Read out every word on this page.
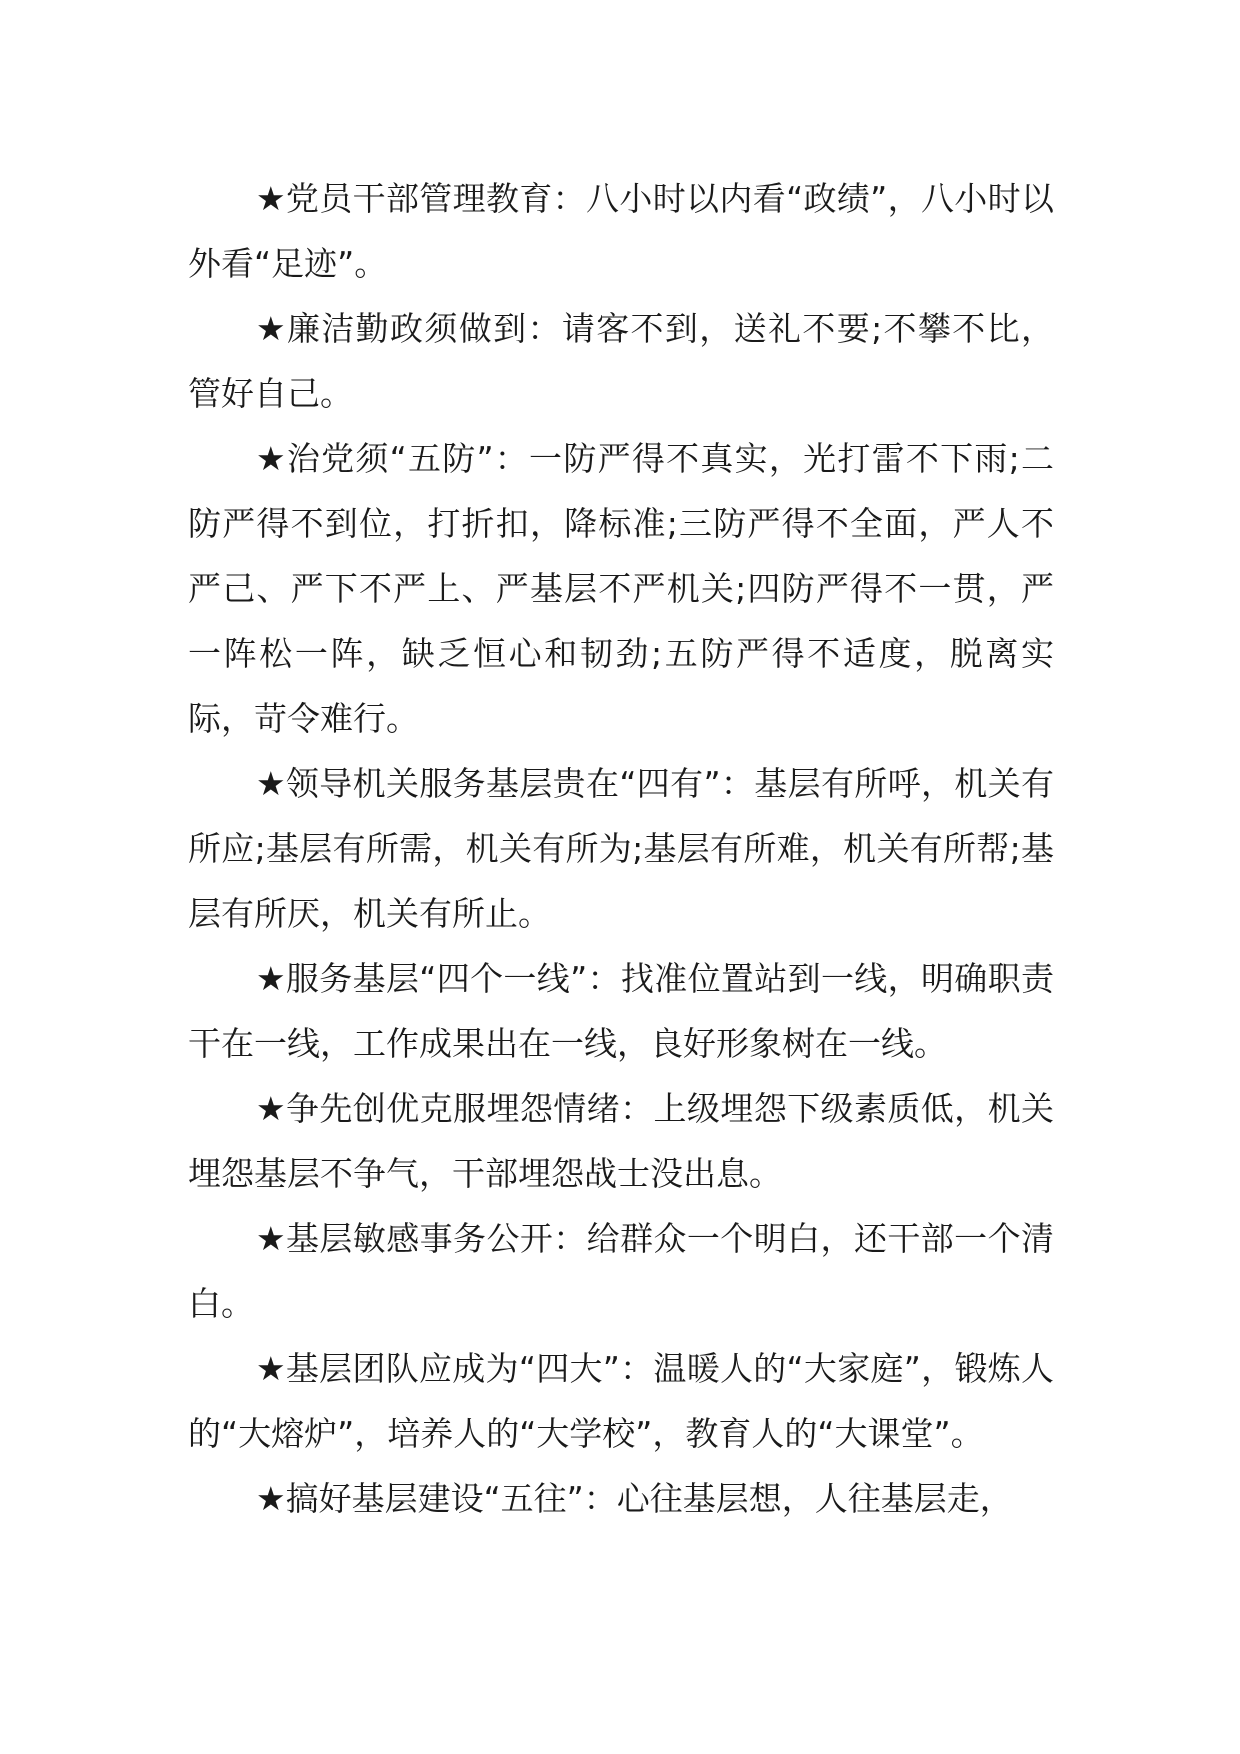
★党员干部管理教育：八小时以内看“政绩”，八小时以外看“足迹”。

★廉洁勤政须做到：请客不到，送礼不要;不攀不比，管好自己。

★治党须“五防”：一防严得不真实，光打雷不下雨;二防严得不到位，打折扣，降标准;三防严得不全面，严人不严己、严下不严上、严基层不严机关;四防严得不一贯，严一阵松一阵，缺乏恒心和韧劲;五防严得不适度，脱离实际，苛令难行。

★领导机关服务基层贵在“四有”：基层有所呼，机关有所应;基层有所需，机关有所为;基层有所难，机关有所帮;基层有所厌，机关有所止。

★服务基层“四个一线”：找准位置站到一线，明确职责干在一线，工作成果出在一线，良好形象树在一线。

★争先创优克服埋怨情绪：上级埋怨下级素质低，机关埋怨基层不争气，干部埋怨战士没出息。

★基层敏感事务公开：给群众一个明白，还干部一个清白。

★基层团队应成为“四大”：温暖人的“大家庭”，锻炼人的“大熔炉”，培养人的“大学校”，教育人的“大课堂”。

★搞好基层建设“五往”：心往基层想，人往基层走，
